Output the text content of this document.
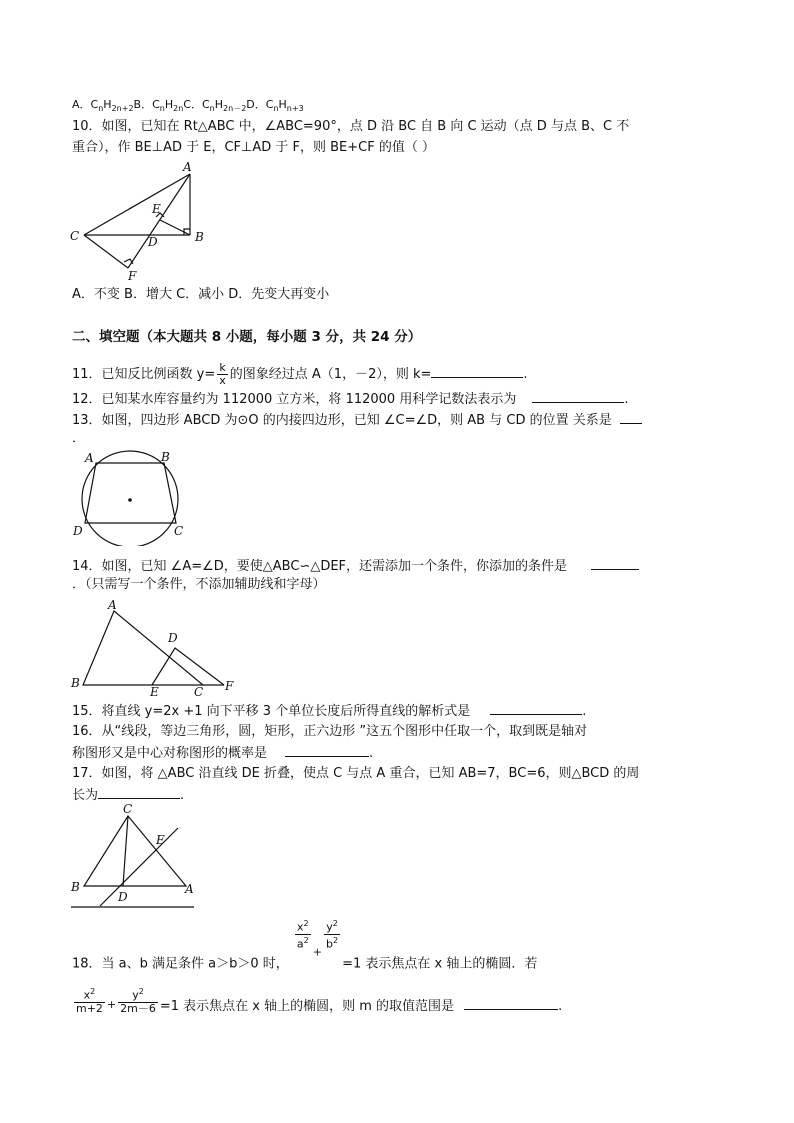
A．$C_nH_{2n+2}B$．$C_nH_{2n}C$．$C_nH_{2n-2}D$．$C_nH_{n+3}$
10．如图，已知在 Rt△ABC 中，∠ABC=90°，点 D 沿 BC 自 B 向 C 运动（点 D 与点 B、C 不
重合），作 BE⊥AD 于 E，CF⊥AD 于 F，则 BE+CF 的值（ ）
A
E
C	D	B
F
A．不变 B．增大 C．减小 D．先变大再变小
二、填空题（本大题共 8 小题，每小题 3 分，共 24 分）
11．已知反比例函数 $y= \frac{k}{x}$ 的图象经过点 A（1，－2），则 k=	.
12．已知某水库容量约为 112000 立方米，将 112000 用科学记数法表示为	.
13．如图，四边形 ABCD 为⊙O 的内接四边形，已知 ∠C=∠D，则 AB 与 CD 的位置 关系是
．
A	B
D	C
14．如图，已知 ∠A=∠D，要使△ABC∽△DEF，还需添加一个条件，你添加的条件是
．（只需写一个条件，不添加辅助线和字母）
A
D
B
E	C F
15．将直线 y=2x +1 向下平移 3 个单位长度后所得直线的解析式是	.
16．从“线段，等边三角形，圆，矩形，正六边形 ”这五个图形中任取一个，取到既是轴对
称图形又是中心对称图形的概率是	.
17．如图，将 △ABC 沿直线 DE 折叠，使点 C 与点 A 重合，已知 AB=7，BC=6，则△BCD 的周
长为	.
C
E
B
D
A
18．当 a、b 满足条件 a＞b＞0 时，
$\frac{x^2}{a^2}$
$_+$
$\frac{y^2}{b^2}$
=1 表示焦点在 x 轴上的椭圆．若
$\frac{x^2}{m+2} _+ \frac{y^2}{2m-6} =1$ 表示焦点在 x 轴上的椭圆，则 m 的取值范围是	.
